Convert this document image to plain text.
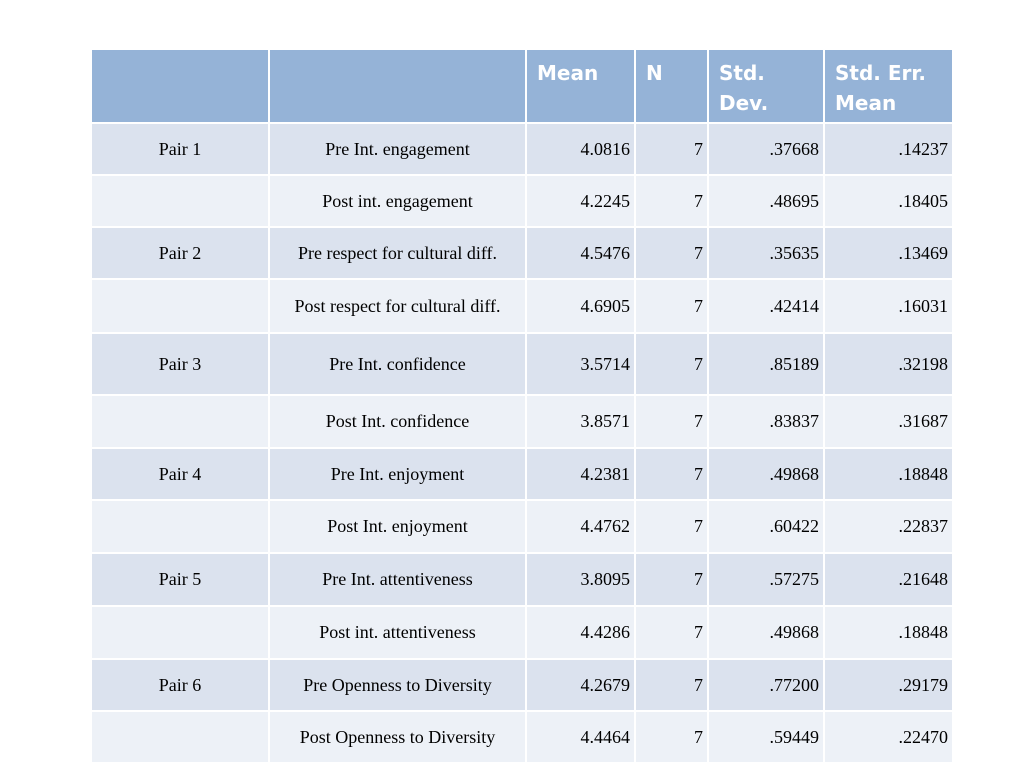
		Mean	N	Std. Dev.	Std. Err. Mean
Pair 1	Pre Int. engagement	4.0816	7	.37668	.14237
	Post int. engagement	4.2245	7	.48695	.18405
Pair 2	Pre respect for cultural diff.	4.5476	7	.35635	.13469
	Post respect for cultural diff.	4.6905	7	.42414	.16031
Pair 3	Pre Int. confidence	3.5714	7	.85189	.32198
	Post Int. confidence	3.8571	7	.83837	.31687
Pair 4	Pre Int. enjoyment	4.2381	7	.49868	.18848
	Post Int. enjoyment	4.4762	7	.60422	.22837
Pair 5	Pre Int. attentiveness	3.8095	7	.57275	.21648
	Post int. attentiveness	4.4286	7	.49868	.18848
Pair 6	Pre Openness to Diversity	4.2679	7	.77200	.29179
	Post Openness to Diversity	4.4464	7	.59449	.22470
